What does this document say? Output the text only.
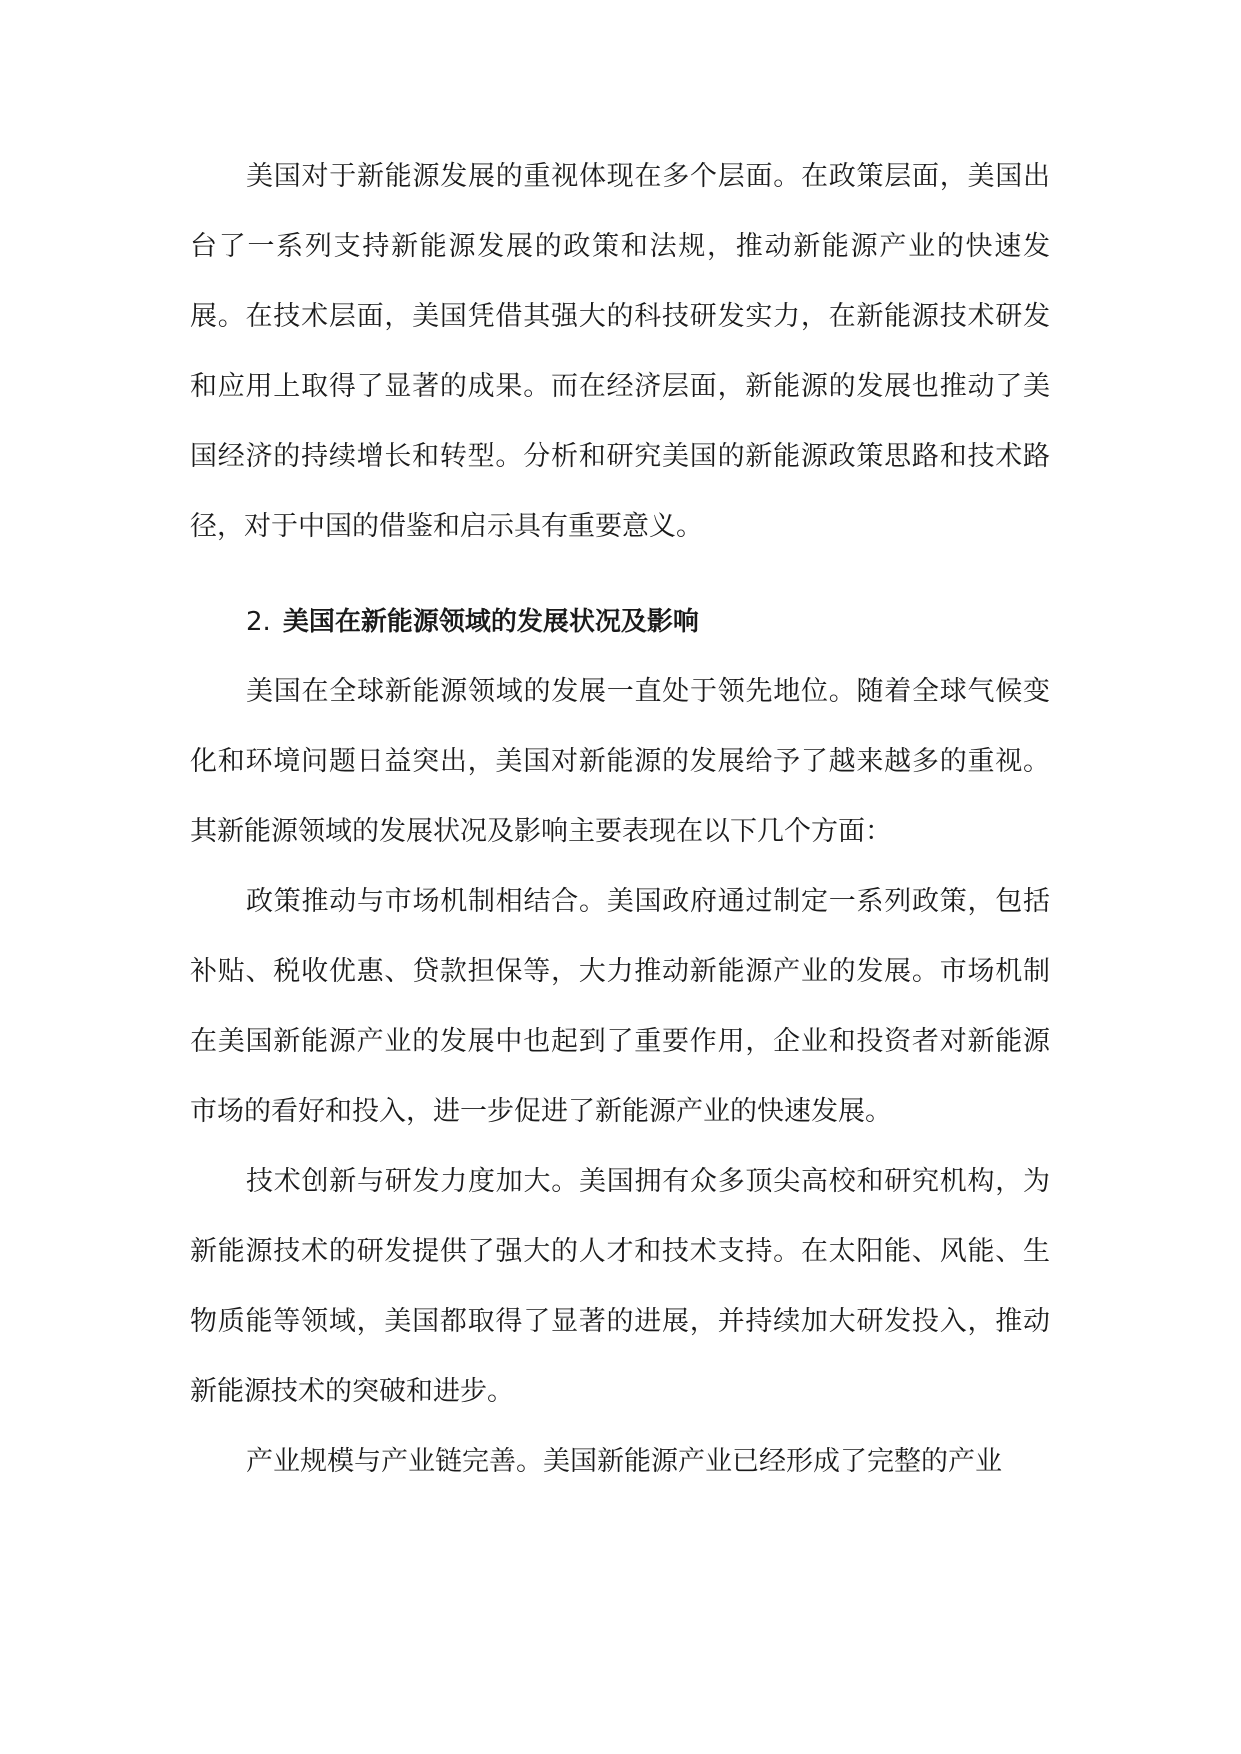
美国对于新能源发展的重视体现在多个层面。在政策层面，美国出台了一系列支持新能源发展的政策和法规，推动新能源产业的快速发展。在技术层面，美国凭借其强大的科技研发实力，在新能源技术研发和应用上取得了显著的成果。而在经济层面，新能源的发展也推动了美国经济的持续增长和转型。分析和研究美国的新能源政策思路和技术路径，对于中国的借鉴和启示具有重要意义。

2. 美国在新能源领域的发展状况及影响

美国在全球新能源领域的发展一直处于领先地位。随着全球气候变化和环境问题日益突出，美国对新能源的发展给予了越来越多的重视。其新能源领域的发展状况及影响主要表现在以下几个方面：

政策推动与市场机制相结合。美国政府通过制定一系列政策，包括补贴、税收优惠、贷款担保等，大力推动新能源产业的发展。市场机制在美国新能源产业的发展中也起到了重要作用，企业和投资者对新能源市场的看好和投入，进一步促进了新能源产业的快速发展。

技术创新与研发力度加大。美国拥有众多顶尖高校和研究机构，为新能源技术的研发提供了强大的人才和技术支持。在太阳能、风能、生物质能等领域，美国都取得了显著的进展，并持续加大研发投入，推动新能源技术的突破和进步。

产业规模与产业链完善。美国新能源产业已经形成了完整的产业
